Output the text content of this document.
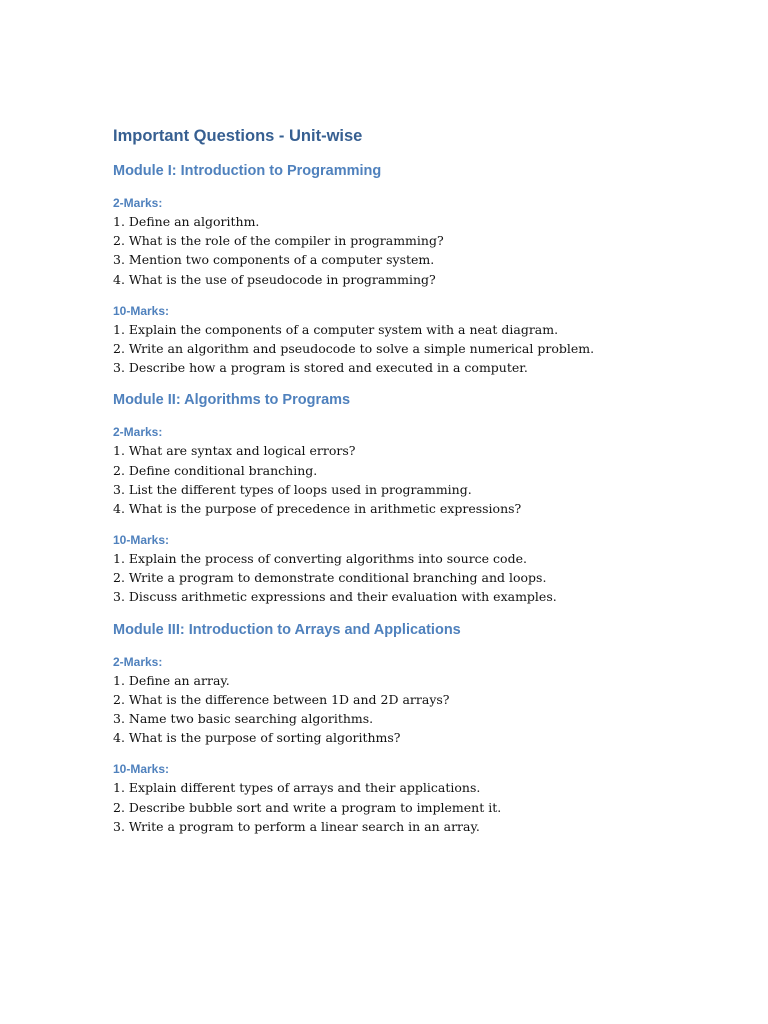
Important Questions - Unit-wise
Module I: Introduction to Programming
2-Marks:
1. Define an algorithm.
2. What is the role of the compiler in programming?
3. Mention two components of a computer system.
4. What is the use of pseudocode in programming?
10-Marks:
1. Explain the components of a computer system with a neat diagram.
2. Write an algorithm and pseudocode to solve a simple numerical problem.
3. Describe how a program is stored and executed in a computer.
Module II: Algorithms to Programs
2-Marks:
1. What are syntax and logical errors?
2. Define conditional branching.
3. List the different types of loops used in programming.
4. What is the purpose of precedence in arithmetic expressions?
10-Marks:
1. Explain the process of converting algorithms into source code.
2. Write a program to demonstrate conditional branching and loops.
3. Discuss arithmetic expressions and their evaluation with examples.
Module III: Introduction to Arrays and Applications
2-Marks:
1. Define an array.
2. What is the difference between 1D and 2D arrays?
3. Name two basic searching algorithms.
4. What is the purpose of sorting algorithms?
10-Marks:
1. Explain different types of arrays and their applications.
2. Describe bubble sort and write a program to implement it.
3. Write a program to perform a linear search in an array.
